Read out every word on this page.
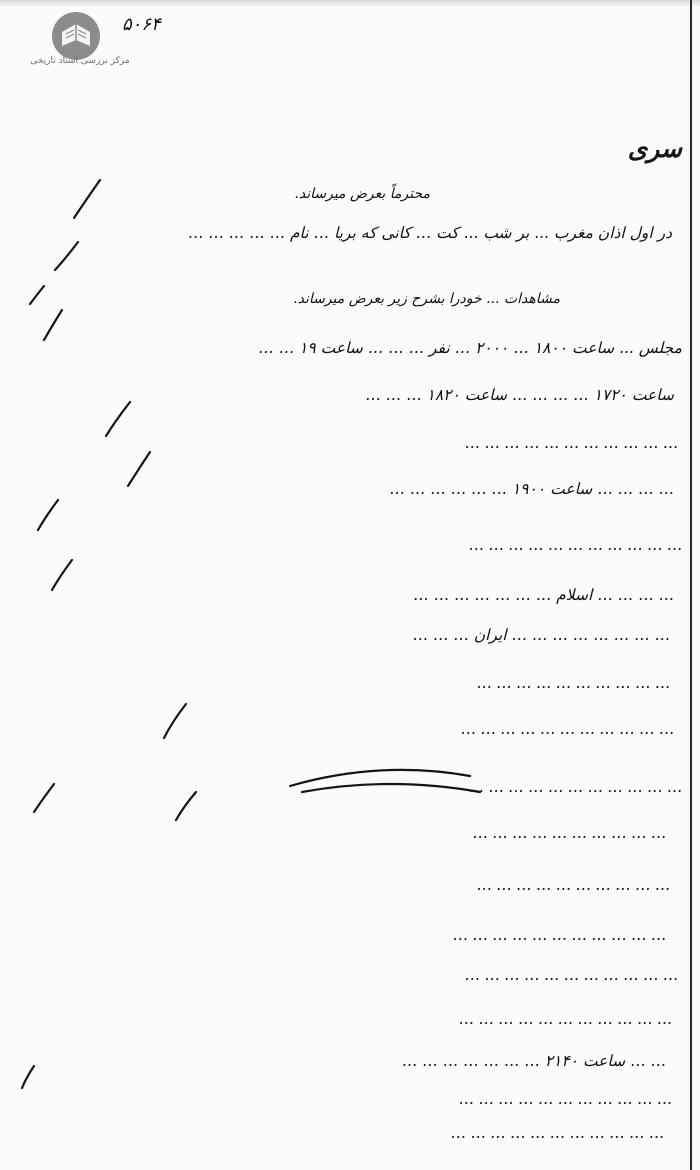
مرکز بررسی اسناد تاریخی
۵۰۶۴
سری
محترماً بعرض میرساند.
در اول اذان مغرب ... بر شب ... کت … کانی که بریا … نام … … … … …
مشاهدات ... خودرا بشرح زیر بعرض میرساند.
مجلس ... ساعت ۱۸۰۰ … ۲۰۰۰ … نفر … … … ساعت ۱۹ … …
ساعت ۱۷۲۰ … … … … ساعت ۱۸۲۰ … … …
… … … … … … … … … … …
… … … … ساعت ۱۹۰۰ … … … … … …
… … … … … … … … … … …
… … … … اسلام … … … … … … …
… … … … … … … … ایران … … …
… … … … … … … … … …
… … … … … … … … … … …
… … … … … … … … … … …
… … … … … … … … … …
… … … … … … … … … …
… … … … … … … … … … …
… … … … … … … … … … …
… … … … … … … … … … …
… … ساعت ۲۱۴۰ … … … … … … …
… … … … … … … … … … …
… … … … … … … … … … …
